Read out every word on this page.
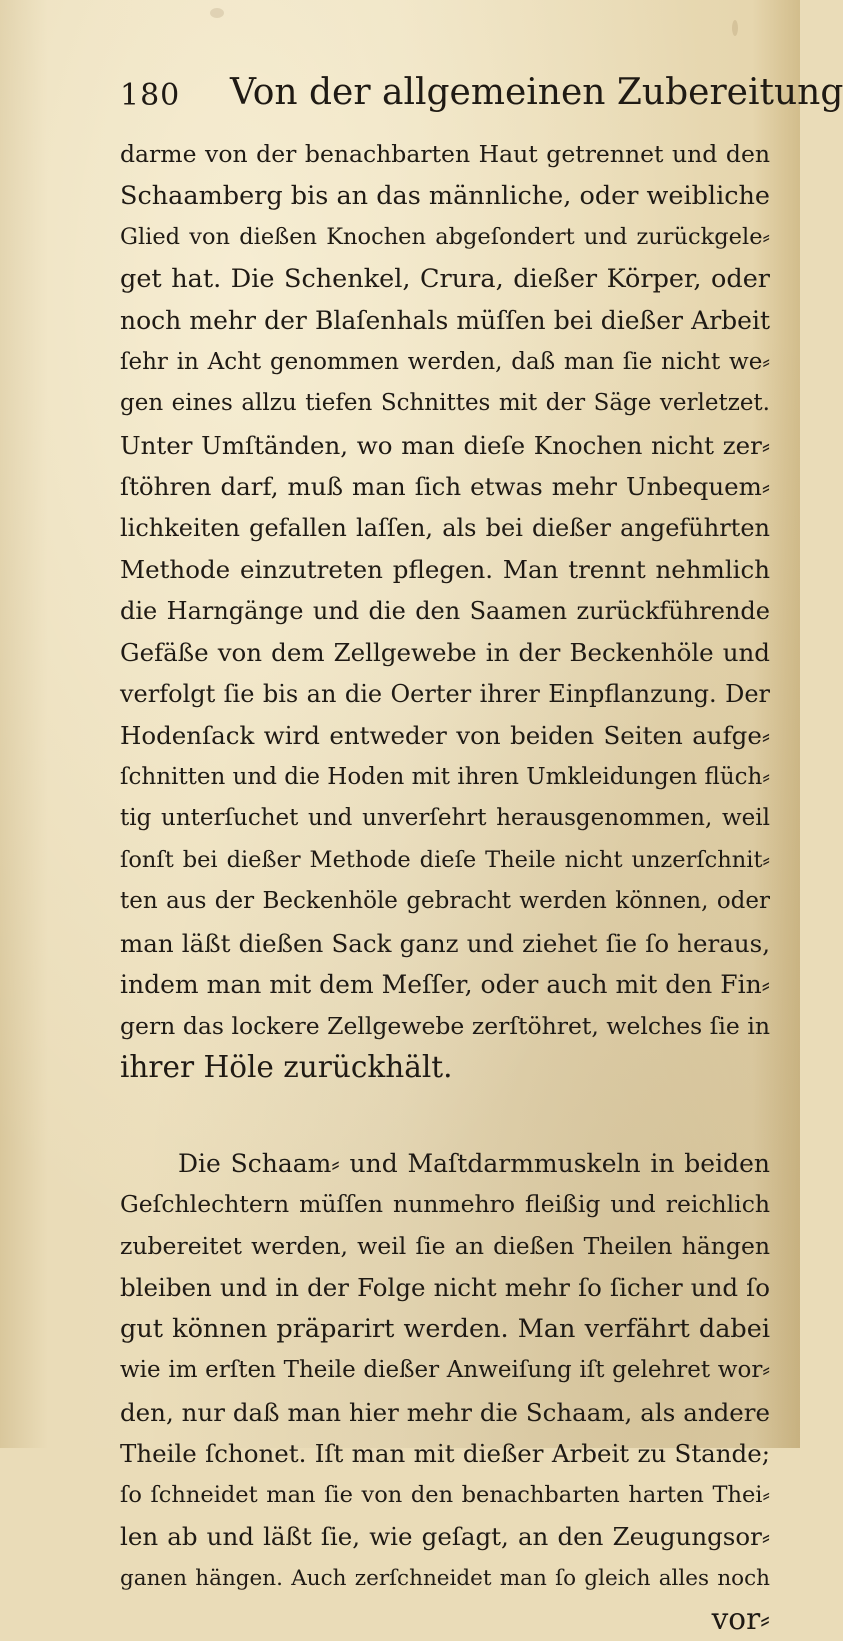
180 Von der allgemeinen Zubereitung
darme von der benachbarten Haut getrennet und den
Schaamberg bis an das männliche, oder weibliche
Glied von dießen Knochen abgeſondert und zurückgele⸗
get hat. Die Schenkel, Crura, dießer Körper, oder
noch mehr der Blaſenhals müſſen bei dießer Arbeit
ſehr in Acht genommen werden, daß man ſie nicht we⸗
gen eines allzu tiefen Schnittes mit der Säge verletzet.
Unter Umſtänden, wo man dieſe Knochen nicht zer⸗
ſtöhren darf, muß man ſich etwas mehr Unbequem⸗
lichkeiten gefallen laſſen, als bei dießer angeführten
Methode einzutreten pflegen. Man trennt nehmlich
die Harngänge und die den Saamen zurückführende
Gefäße von dem Zellgewebe in der Beckenhöle und
verfolgt ſie bis an die Oerter ihrer Einpflanzung. Der
Hodenſack wird entweder von beiden Seiten aufge⸗
ſchnitten und die Hoden mit ihren Umkleidungen flüch⸗
tig unterſuchet und unverſehrt herausgenommen, weil
ſonſt bei dießer Methode dieſe Theile nicht unzerſchnit⸗
ten aus der Beckenhöle gebracht werden können, oder
man läßt dießen Sack ganz und ziehet ſie ſo heraus,
indem man mit dem Meſſer, oder auch mit den Fin⸗
gern das lockere Zellgewebe zerſtöhret, welches ſie in
ihrer Höle zurückhält.
Die Schaam⸗ und Maſtdarmmuskeln in beiden
Geſchlechtern müſſen nunmehro fleißig und reichlich
zubereitet werden, weil ſie an dießen Theilen hängen
bleiben und in der Folge nicht mehr ſo ſicher und ſo
gut können präparirt werden. Man verfährt dabei
wie im erſten Theile dießer Anweiſung iſt gelehret wor⸗
den, nur daß man hier mehr die Schaam, als andere
Theile ſchonet. Iſt man mit dießer Arbeit zu Stande;
ſo ſchneidet man ſie von den benachbarten harten Thei⸗
len ab und läßt ſie, wie geſagt, an den Zeugungsor⸗
ganen hängen. Auch zerſchneidet man ſo gleich alles noch
vor⸗
